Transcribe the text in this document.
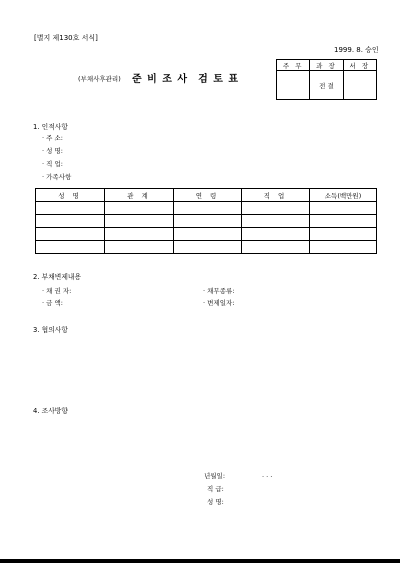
[별지 제130호 서식]
1999. 8. 승인
(부채사후관리) 준 비 조 사 검 토 표
주 무	과 장	서 장
	전 결	
1. 인적사항
· 주 소:
· 성 명:
· 직 업:
· 가족사항
성 명	관 계	연 령	직 업	소득(백만원)

2. 부채변제내용
· 채 권 자:
· 금 액:
· 채무종류:
· 변제일자:
3. 협의사항
4. 조사방향
년월일:	. . .
직 급:
성 명:
